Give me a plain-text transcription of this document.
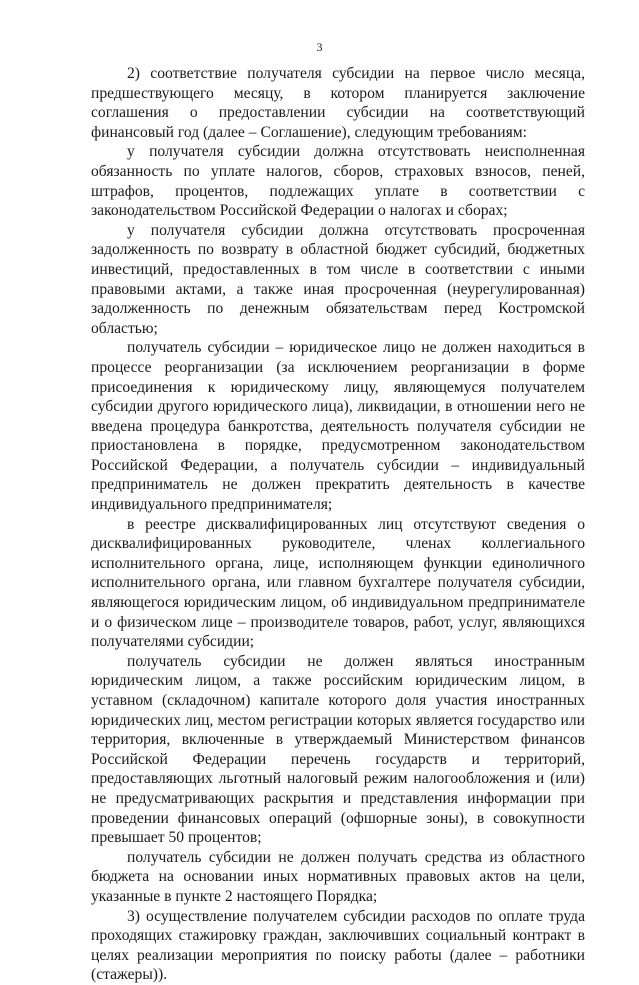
3

2) соответствие получателя субсидии на первое число месяца, предшествующего месяцу, в котором планируется заключение соглашения о предоставлении субсидии на соответствующий финансовый год (далее – Соглашение), следующим требованиям:

у получателя субсидии должна отсутствовать неисполненная обязанность по уплате налогов, сборов, страховых взносов, пеней, штрафов, процентов, подлежащих уплате в соответствии с законодательством Российской Федерации о налогах и сборах;

у получателя субсидии должна отсутствовать просроченная задолженность по возврату в областной бюджет субсидий, бюджетных инвестиций, предоставленных в том числе в соответствии с иными правовыми актами, а также иная просроченная (неурегулированная) задолженность по денежным обязательствам перед Костромской областью;

получатель субсидии – юридическое лицо не должен находиться в процессе реорганизации (за исключением реорганизации в форме присоединения к юридическому лицу, являющемуся получателем субсидии другого юридического лица), ликвидации, в отношении него не введена процедура банкротства, деятельность получателя субсидии не приостановлена в порядке, предусмотренном законодательством Российской Федерации, а получатель субсидии – индивидуальный предприниматель не должен прекратить деятельность в качестве индивидуального предпринимателя;

в реестре дисквалифицированных лиц отсутствуют сведения о дисквалифицированных руководителе, членах коллегиального исполнительного органа, лице, исполняющем функции единоличного исполнительного органа, или главном бухгалтере получателя субсидии, являющегося юридическим лицом, об индивидуальном предпринимателе и о физическом лице – производителе товаров, работ, услуг, являющихся получателями субсидии;

получатель субсидии не должен являться иностранным юридическим лицом, а также российским юридическим лицом, в уставном (складочном) капитале которого доля участия иностранных юридических лиц, местом регистрации которых является государство или территория, включенные в утверждаемый Министерством финансов Российской Федерации перечень государств и территорий, предоставляющих льготный налоговый режим налогообложения и (или) не предусматривающих раскрытия и представления информации при проведении финансовых операций (офшорные зоны), в совокупности превышает 50 процентов;

получатель субсидии не должен получать средства из областного бюджета на основании иных нормативных правовых актов на цели, указанные в пункте 2 настоящего Порядка;

3) осуществление получателем субсидии расходов по оплате труда проходящих стажировку граждан, заключивших социальный контракт в целях реализации мероприятия по поиску работы (далее – работники (стажеры)).
